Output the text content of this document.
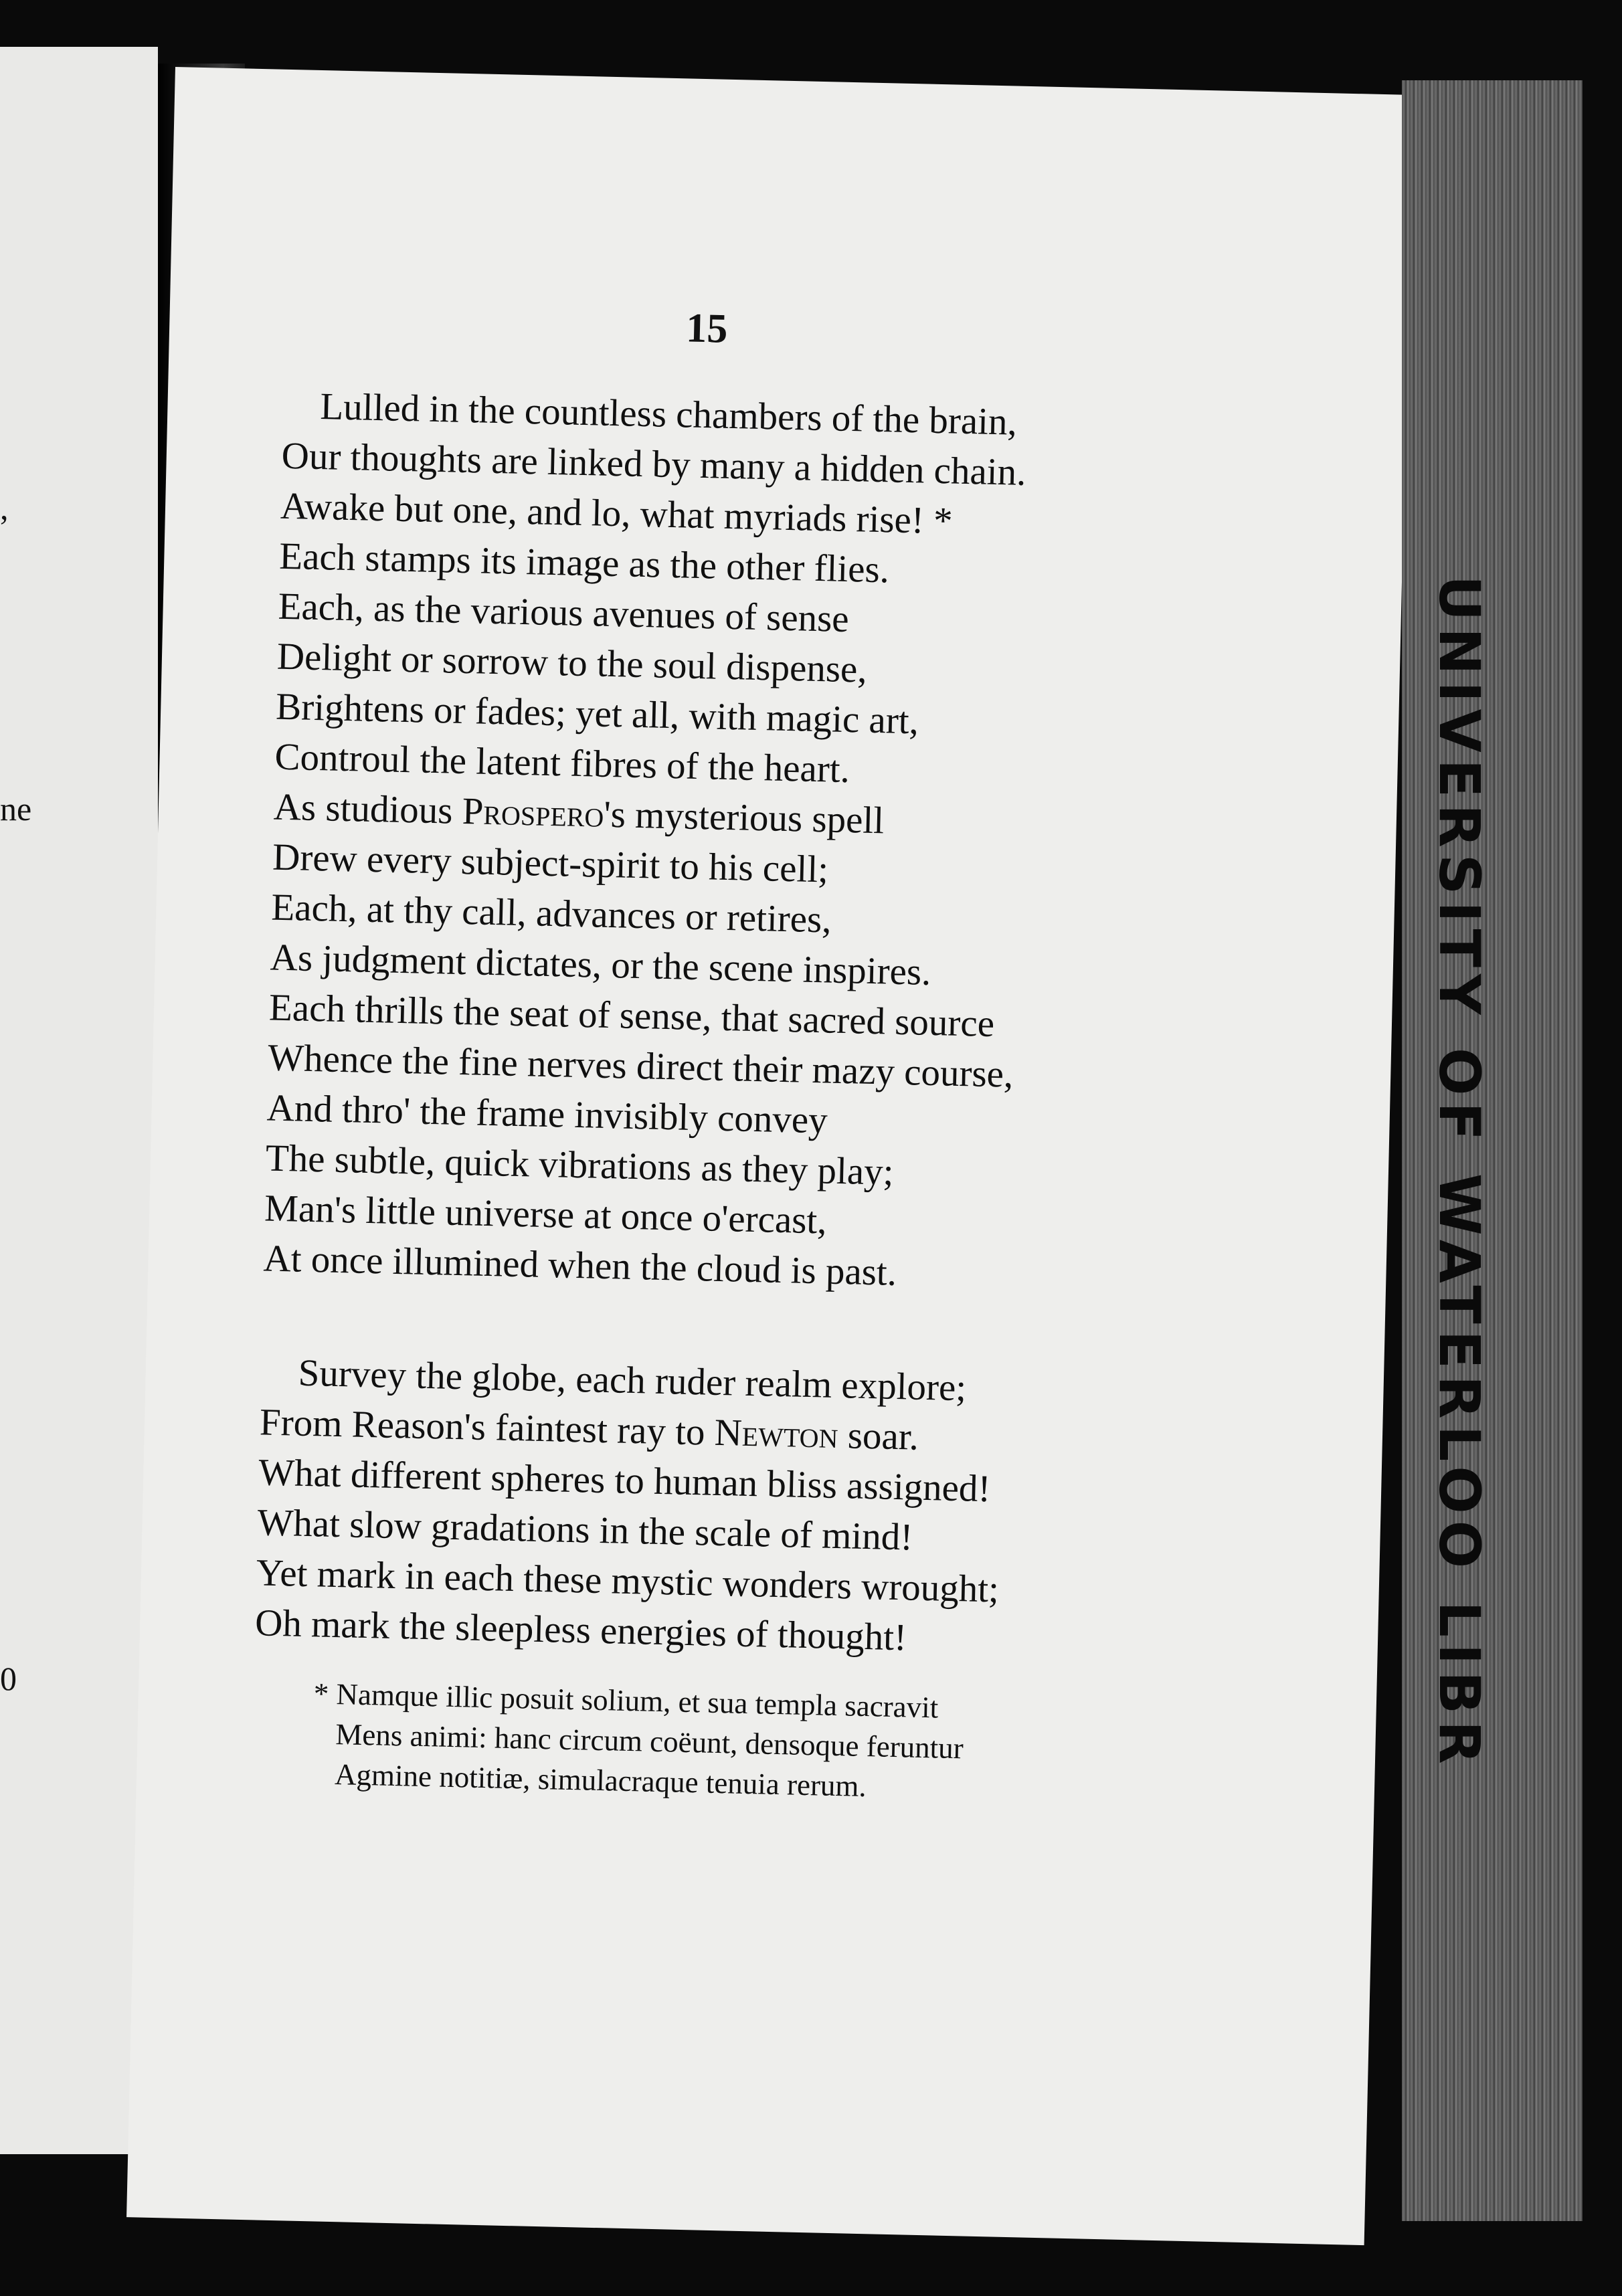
,
ne
0
15
Lulled in the countless chambers of the brain,
Our thoughts are linked by many a hidden chain.
Awake but one, and lo, what myriads rise! *
Each stamps its image as the other flies.
Each, as the various avenues of sense
Delight or sorrow to the soul dispense,
Brightens or fades; yet all, with magic art,
Controul the latent fibres of the heart.
As studious Prospero's mysterious spell
Drew every subject-spirit to his cell;
Each, at thy call, advances or retires,
As judgment dictates, or the scene inspires.
Each thrills the seat of sense, that sacred source
Whence the fine nerves direct their mazy course,
And thro' the frame invisibly convey
The subtle, quick vibrations as they play;
Man's little universe at once o'ercast,
At once illumined when the cloud is past.
Survey the globe, each ruder realm explore;
From Reason's faintest ray to Newton soar.
What different spheres to human bliss assigned!
What slow gradations in the scale of mind!
Yet mark in each these mystic wonders wrought;
Oh mark the sleepless energies of thought!
* Namque illic posuit solium, et sua templa sacravit
Mens animi: hanc circum coëunt, densoque feruntur
Agmine notitiæ, simulacraque tenuia rerum.
UNIVERSITY OF WATERLOO LIBR
